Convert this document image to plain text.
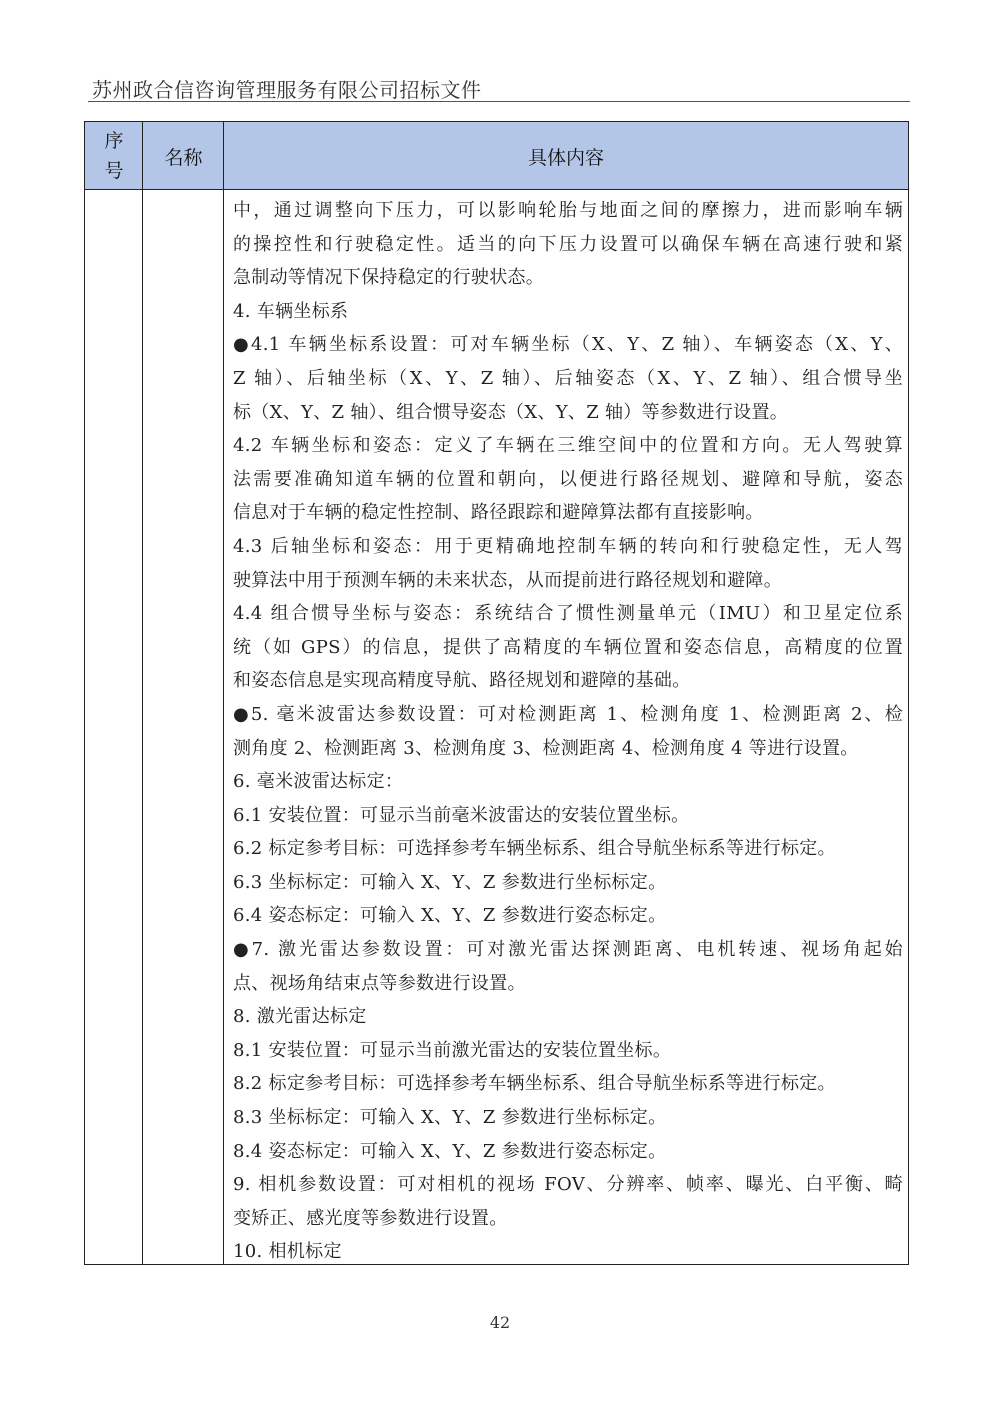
苏州政合信咨询管理服务有限公司招标文件
序
号
名称	具体内容
中，通过调整向下压力，可以影响轮胎与地面之间的摩擦力，进而影响车辆
的操控性和行驶稳定性。适当的向下压力设置可以确保车辆在高速行驶和紧
急制动等情况下保持稳定的行驶状态。
4. 车辆坐标系
●4.1 车辆坐标系设置：可对车辆坐标（X、Y、Z 轴）、车辆姿态（X、Y、
Z 轴）、后轴坐标（X、Y、Z 轴）、后轴姿态（X、Y、Z 轴）、组合惯导坐
标（X、Y、Z 轴）、组合惯导姿态（X、Y、Z 轴）等参数进行设置。
4.2 车辆坐标和姿态：定义了车辆在三维空间中的位置和方向。无人驾驶算
法需要准确知道车辆的位置和朝向，以便进行路径规划、避障和导航，姿态
信息对于车辆的稳定性控制、路径跟踪和避障算法都有直接影响。
4.3 后轴坐标和姿态：用于更精确地控制车辆的转向和行驶稳定性，无人驾
驶算法中用于预测车辆的未来状态，从而提前进行路径规划和避障。
4.4 组合惯导坐标与姿态：系统结合了惯性测量单元（IMU）和卫星定位系
统（如 GPS）的信息，提供了高精度的车辆位置和姿态信息，高精度的位置
和姿态信息是实现高精度导航、路径规划和避障的基础。
●5. 毫米波雷达参数设置：可对检测距离 1、检测角度 1、检测距离 2、检
测角度 2、检测距离 3、检测角度 3、检测距离 4、检测角度 4 等进行设置。
6. 毫米波雷达标定：
6.1 安装位置：可显示当前毫米波雷达的安装位置坐标。
6.2 标定参考目标：可选择参考车辆坐标系、组合导航坐标系等进行标定。
6.3 坐标标定：可输入 X、Y、Z 参数进行坐标标定。
6.4 姿态标定：可输入 X、Y、Z 参数进行姿态标定。
●7. 激光雷达参数设置：可对激光雷达探测距离、电机转速、视场角起始
点、视场角结束点等参数进行设置。
8. 激光雷达标定
8.1 安装位置：可显示当前激光雷达的安装位置坐标。
8.2 标定参考目标：可选择参考车辆坐标系、组合导航坐标系等进行标定。
8.3 坐标标定：可输入 X、Y、Z 参数进行坐标标定。
8.4 姿态标定：可输入 X、Y、Z 参数进行姿态标定。
9. 相机参数设置：可对相机的视场 FOV、分辨率、帧率、曝光、白平衡、畸
变矫正、感光度等参数进行设置。
10. 相机标定
42
